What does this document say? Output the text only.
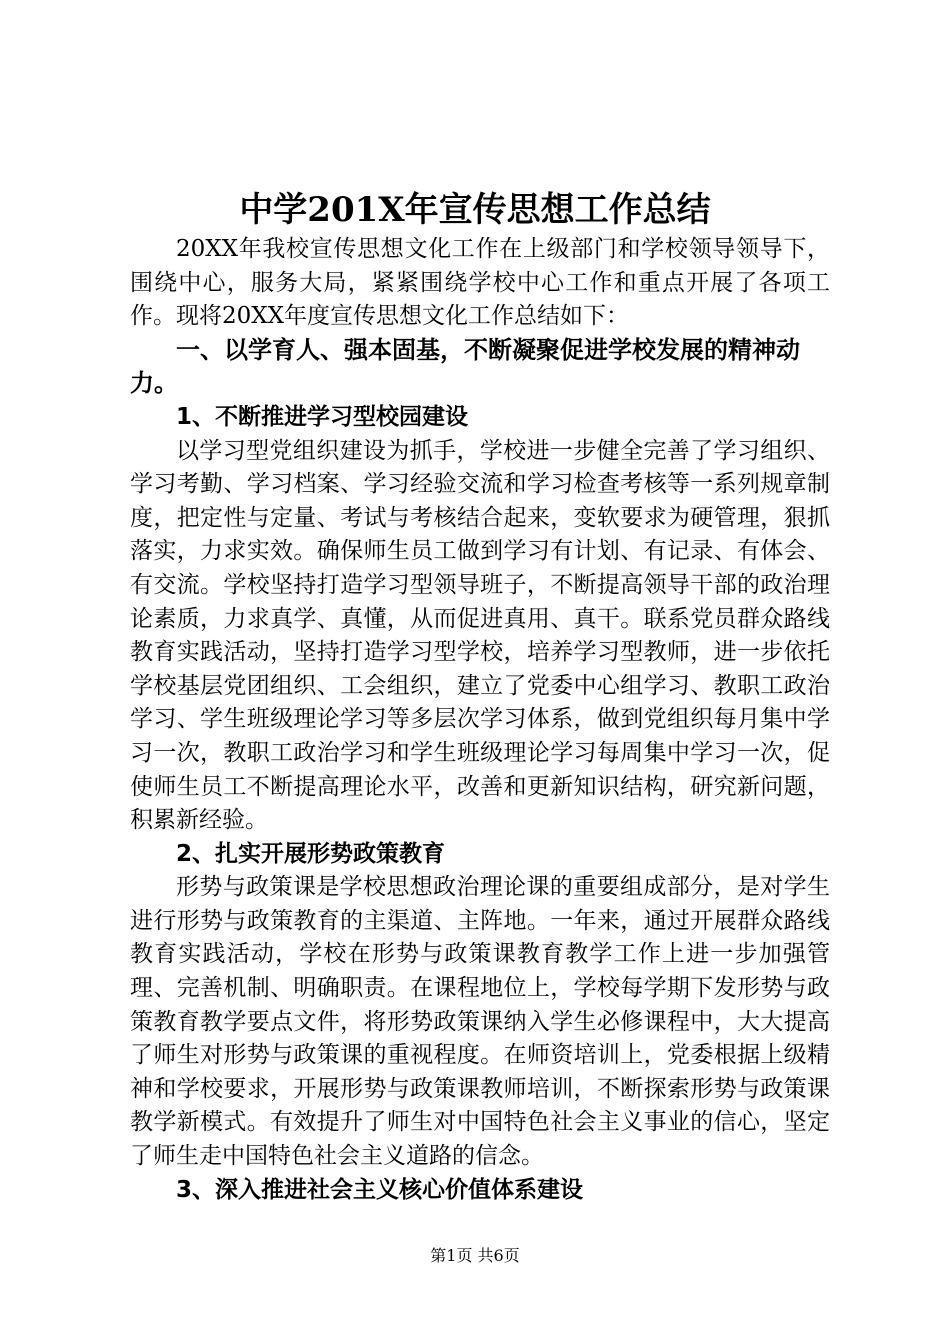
中学201X年宣传思想工作总结

20XX年我校宣传思想文化工作在上级部门和学校领导领导下，围绕中心，服务大局，紧紧围绕学校中心工作和重点开展了各项工作。现将20XX年度宣传思想文化工作总结如下：

一、以学育人、强本固基，不断凝聚促进学校发展的精神动力。

1、不断推进学习型校园建设

以学习型党组织建设为抓手，学校进一步健全完善了学习组织、学习考勤、学习档案、学习经验交流和学习检查考核等一系列规章制度，把定性与定量、考试与考核结合起来，变软要求为硬管理，狠抓落实，力求实效。确保师生员工做到学习有计划、有记录、有体会、有交流。学校坚持打造学习型领导班子，不断提高领导干部的政治理论素质，力求真学、真懂，从而促进真用、真干。联系党员群众路线教育实践活动，坚持打造学习型学校，培养学习型教师，进一步依托学校基层党团组织、工会组织，建立了党委中心组学习、教职工政治学习、学生班级理论学习等多层次学习体系，做到党组织每月集中学习一次，教职工政治学习和学生班级理论学习每周集中学习一次，促使师生员工不断提高理论水平，改善和更新知识结构，研究新问题，积累新经验。

2、扎实开展形势政策教育

形势与政策课是学校思想政治理论课的重要组成部分，是对学生进行形势与政策教育的主渠道、主阵地。一年来，通过开展群众路线教育实践活动，学校在形势与政策课教育教学工作上进一步加强管理、完善机制、明确职责。在课程地位上，学校每学期下发形势与政策教育教学要点文件，将形势政策课纳入学生必修课程中，大大提高了师生对形势与政策课的重视程度。在师资培训上，党委根据上级精神和学校要求，开展形势与政策课教师培训，不断探索形势与政策课教学新模式。有效提升了师生对中国特色社会主义事业的信心，坚定了师生走中国特色社会主义道路的信念。

3、深入推进社会主义核心价值体系建设

第1页 共6页
